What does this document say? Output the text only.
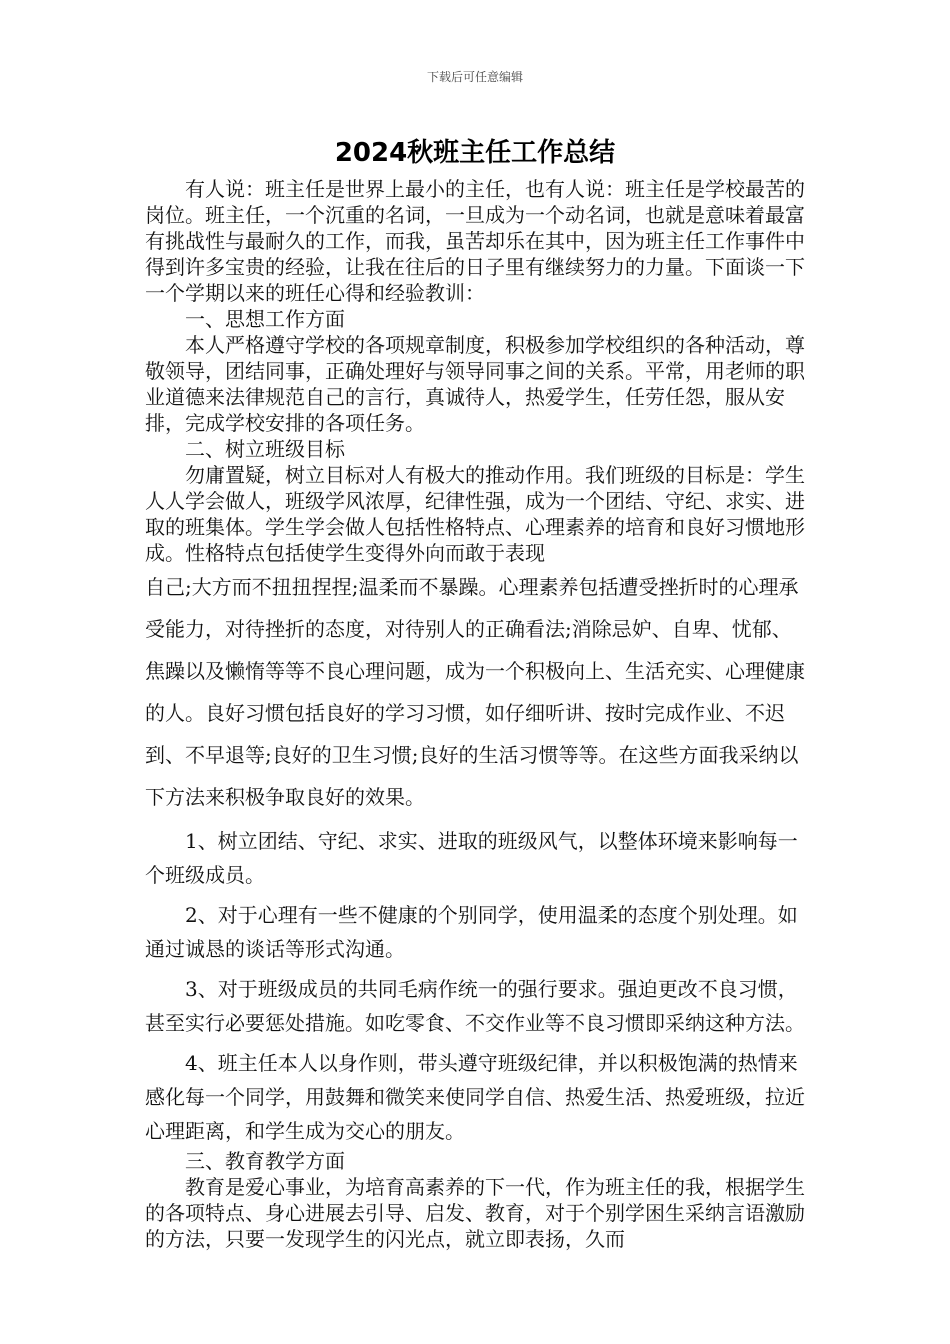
下载后可任意编辑
2024秋班主任工作总结

有人说：班主任是世界上最小的主任，也有人说：班主任是学校最苦的岗位。班主任，一个沉重的名词，一旦成为一个动名词，也就是意味着最富有挑战性与最耐久的工作，而我，虽苦却乐在其中，因为班主任工作事件中得到许多宝贵的经验，让我在往后的日子里有继续努力的力量。下面谈一下一个学期以来的班任心得和经验教训：

一、思想工作方面

本人严格遵守学校的各项规章制度，积极参加学校组织的各种活动，尊敬领导，团结同事，正确处理好与领导同事之间的关系。平常，用老师的职业道德来法律规范自己的言行，真诚待人，热爱学生，任劳任怨，服从安排，完成学校安排的各项任务。

二、树立班级目标

勿庸置疑，树立目标对人有极大的推动作用。我们班级的目标是：学生人人学会做人，班级学风浓厚，纪律性强，成为一个团结、守纪、求实、进取的班集体。学生学会做人包括性格特点、心理素养的培育和良好习惯地形成。性格特点包括使学生变得外向而敢于表现

自己;大方而不扭扭捏捏;温柔而不暴躁。心理素养包括遭受挫折时的心理承受能力，对待挫折的态度，对待别人的正确看法;消除忌妒、自卑、忧郁、焦躁以及懒惰等等不良心理问题，成为一个积极向上、生活充实、心理健康的人。良好习惯包括良好的学习习惯，如仔细听讲、按时完成作业、不迟到、不早退等;良好的卫生习惯;良好的生活习惯等等。在这些方面我采纳以下方法来积极争取良好的效果。

1、树立团结、守纪、求实、进取的班级风气，以整体环境来影响每一个班级成员。

2、对于心理有一些不健康的个别同学，使用温柔的态度个别处理。如通过诚恳的谈话等形式沟通。

3、对于班级成员的共同毛病作统一的强行要求。强迫更改不良习惯，甚至实行必要惩处措施。如吃零食、不交作业等不良习惯即采纳这种方法。

4、班主任本人以身作则，带头遵守班级纪律，并以积极饱满的热情来感化每一个同学，用鼓舞和微笑来使同学自信、热爱生活、热爱班级，拉近心理距离，和学生成为交心的朋友。

三、教育教学方面

教育是爱心事业，为培育高素养的下一代，作为班主任的我，根据学生的各项特点、身心进展去引导、启发、教育，对于个别学困生采纳言语激励的方法，只要一发现学生的闪光点，就立即表扬，久而
